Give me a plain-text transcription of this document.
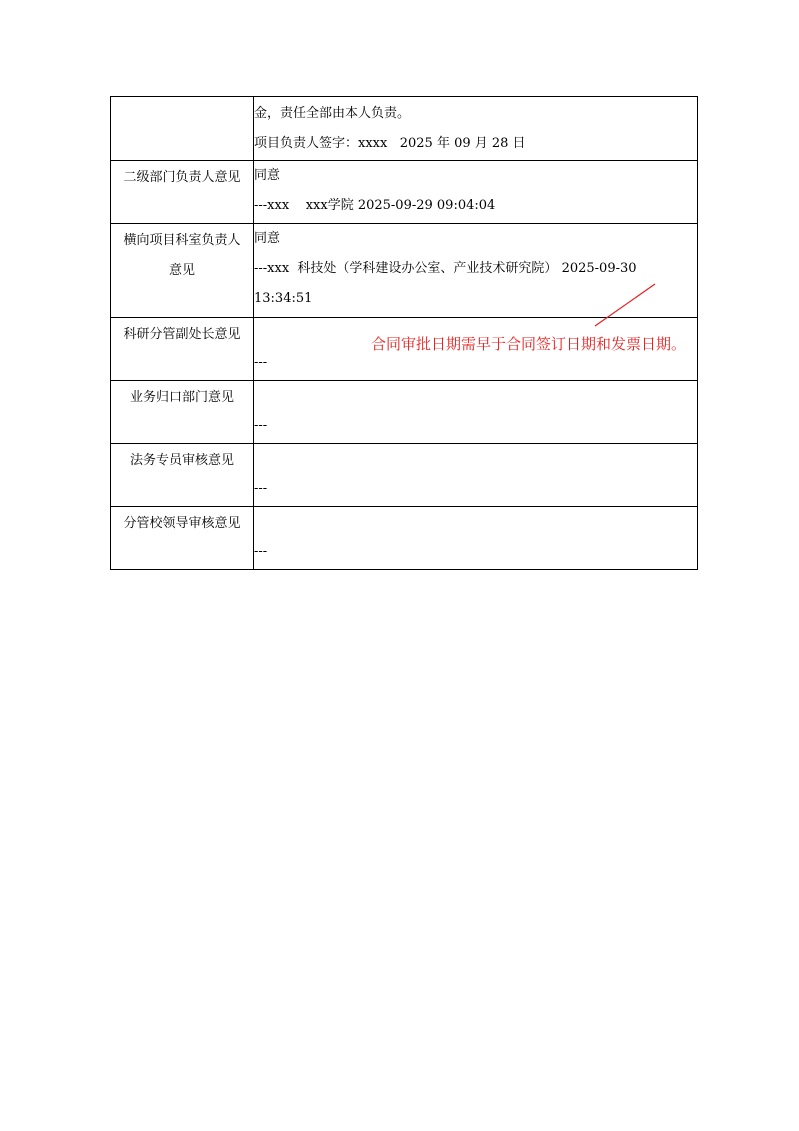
	金，责任全部由本人负责。
项目负责人签字：xxxx   2025 年 09 月 28 日

二级部门负责人意见	同意
---xxx    xxx学院 2025-09-29 09:04:04

横向项目科室负责人
意见	同意
---xxx  科技处（学科建设办公室、产业技术研究院） 2025-09-30
13:34:51

科研分管副处长意见	---

业务归口部门意见	---

法务专员审核意见	---

分管校领导审核意见	---
合同审批日期需早于合同签订日期和发票日期。
